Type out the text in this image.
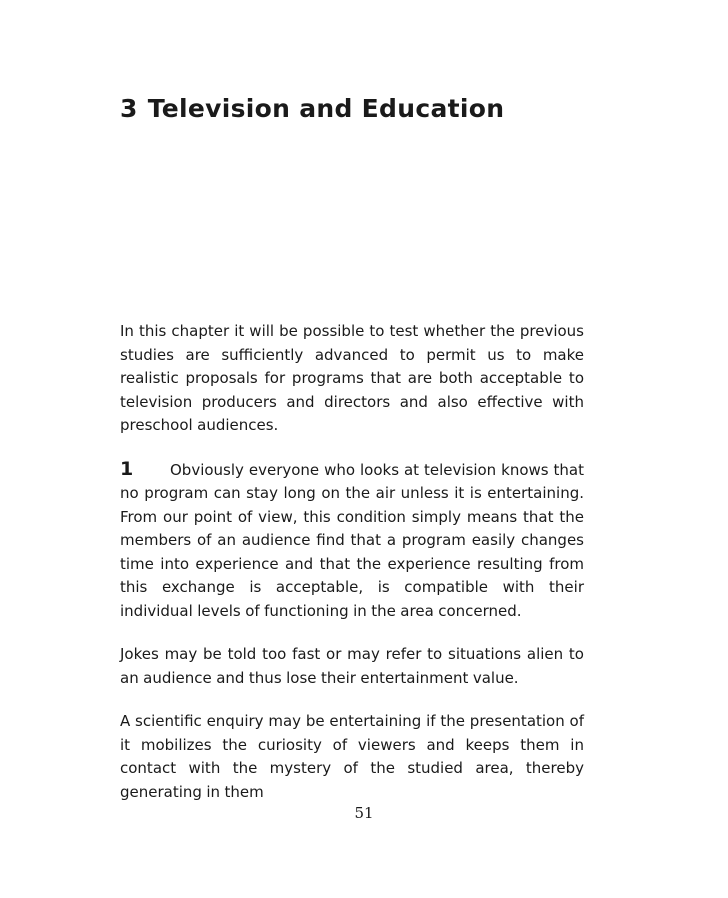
3 Television and Education

In this chapter it will be possible to test whether the previous studies are sufficiently advanced to permit us to make realistic proposals for programs that are both acceptable to television producers and directors and also effective with preschool audiences.

1 Obviously everyone who looks at television knows that no program can stay long on the air unless it is entertaining. From our point of view, this condition simply means that the members of an audience find that a program easily changes time into experience and that the experience resulting from this exchange is acceptable, is compatible with their individual levels of functioning in the area concerned.

Jokes may be told too fast or may refer to situations alien to an audience and thus lose their entertainment value.

A scientific enquiry may be entertaining if the presentation of it mobilizes the curiosity of viewers and keeps them in contact with the mystery of the studied area, thereby generating in them

51
